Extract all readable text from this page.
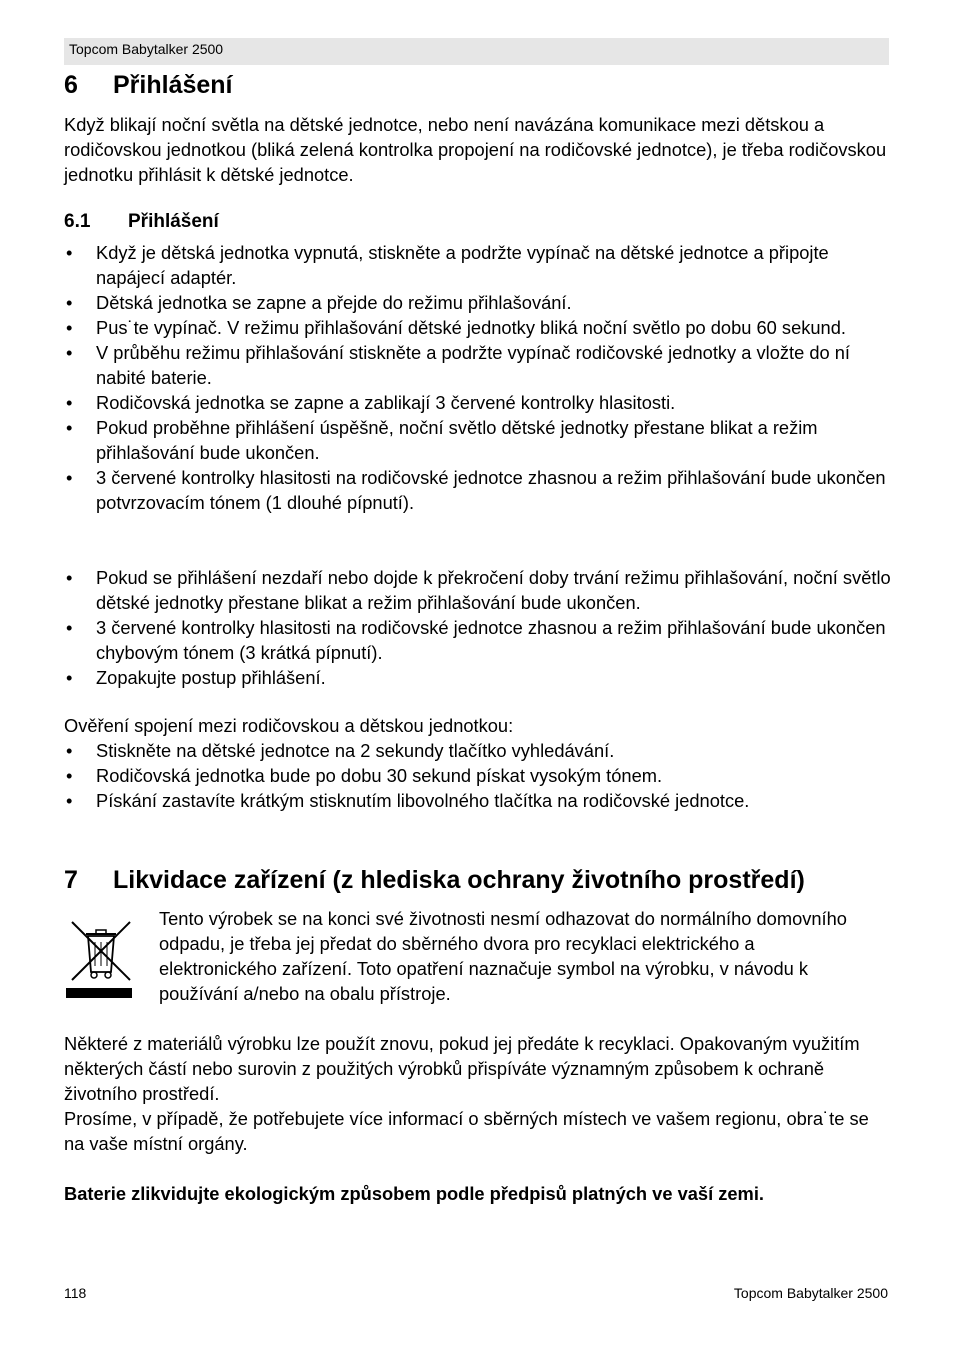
Topcom Babytalker 2500
6 Přihlášení
Když blikají noční světla na dětské jednotce, nebo není navázána komunikace mezi dětskou a rodičovskou jednotkou (bliká zelená kontrolka propojení na rodičovské jednotce), je třeba rodičovskou jednotku přihlásit k dětské jednotce.
6.1 Přihlášení
• Když je dětská jednotka vypnutá, stiskněte a podržte vypínač na dětské jednotce a připojte napájecí adaptér.
• Dětská jednotka se zapne a přejde do režimu přihlašování.
• Pus˙te vypínač. V režimu přihlašování dětské jednotky bliká noční světlo po dobu 60 sekund.
• V průběhu režimu přihlašování stiskněte a podržte vypínač rodičovské jednotky a vložte do ní nabité baterie.
• Rodičovská jednotka se zapne a zablikají 3 červené kontrolky hlasitosti.
• Pokud proběhne přihlášení úspěšně, noční světlo dětské jednotky přestane blikat a režim přihlašování bude ukončen.
• 3 červené kontrolky hlasitosti na rodičovské jednotce zhasnou a režim přihlašování bude ukončen potvrzovacím tónem (1 dlouhé pípnutí).
• Pokud se přihlášení nezdaří nebo dojde k překročení doby trvání režimu přihlašování, noční světlo dětské jednotky přestane blikat a režim přihlašování bude ukončen.
• 3 červené kontrolky hlasitosti na rodičovské jednotce zhasnou a režim přihlašování bude ukončen chybovým tónem (3 krátká pípnutí).
• Zopakujte postup přihlášení.
Ověření spojení mezi rodičovskou a dětskou jednotkou:
• Stiskněte na dětské jednotce na 2 sekundy tlačítko vyhledávání.
• Rodičovská jednotka bude po dobu 30 sekund pískat vysokým tónem.
• Pískání zastavíte krátkým stisknutím libovolného tlačítka na rodičovské jednotce.
7 Likvidace zařízení (z hlediska ochrany životního prostředí)
Tento výrobek se na konci své životnosti nesmí odhazovat do normálního domovního odpadu, je třeba jej předat do sběrného dvora pro recyklaci elektrického a elektronického zařízení. Toto opatření naznačuje symbol na výrobku, v návodu k používání a/nebo na obalu přístroje.
Některé z materiálů výrobku lze použít znovu, pokud jej předáte k recyklaci. Opakovaným využitím některých částí nebo surovin z použitých výrobků přispíváte významným způsobem k ochraně životního prostředí.
Prosíme, v případě, že potřebujete více informací o sběrných místech ve vašem regionu, obra˙te se na vaše místní orgány.
Baterie zlikvidujte ekologickým způsobem podle předpisů platných ve vaší zemi.
118	Topcom Babytalker 2500
